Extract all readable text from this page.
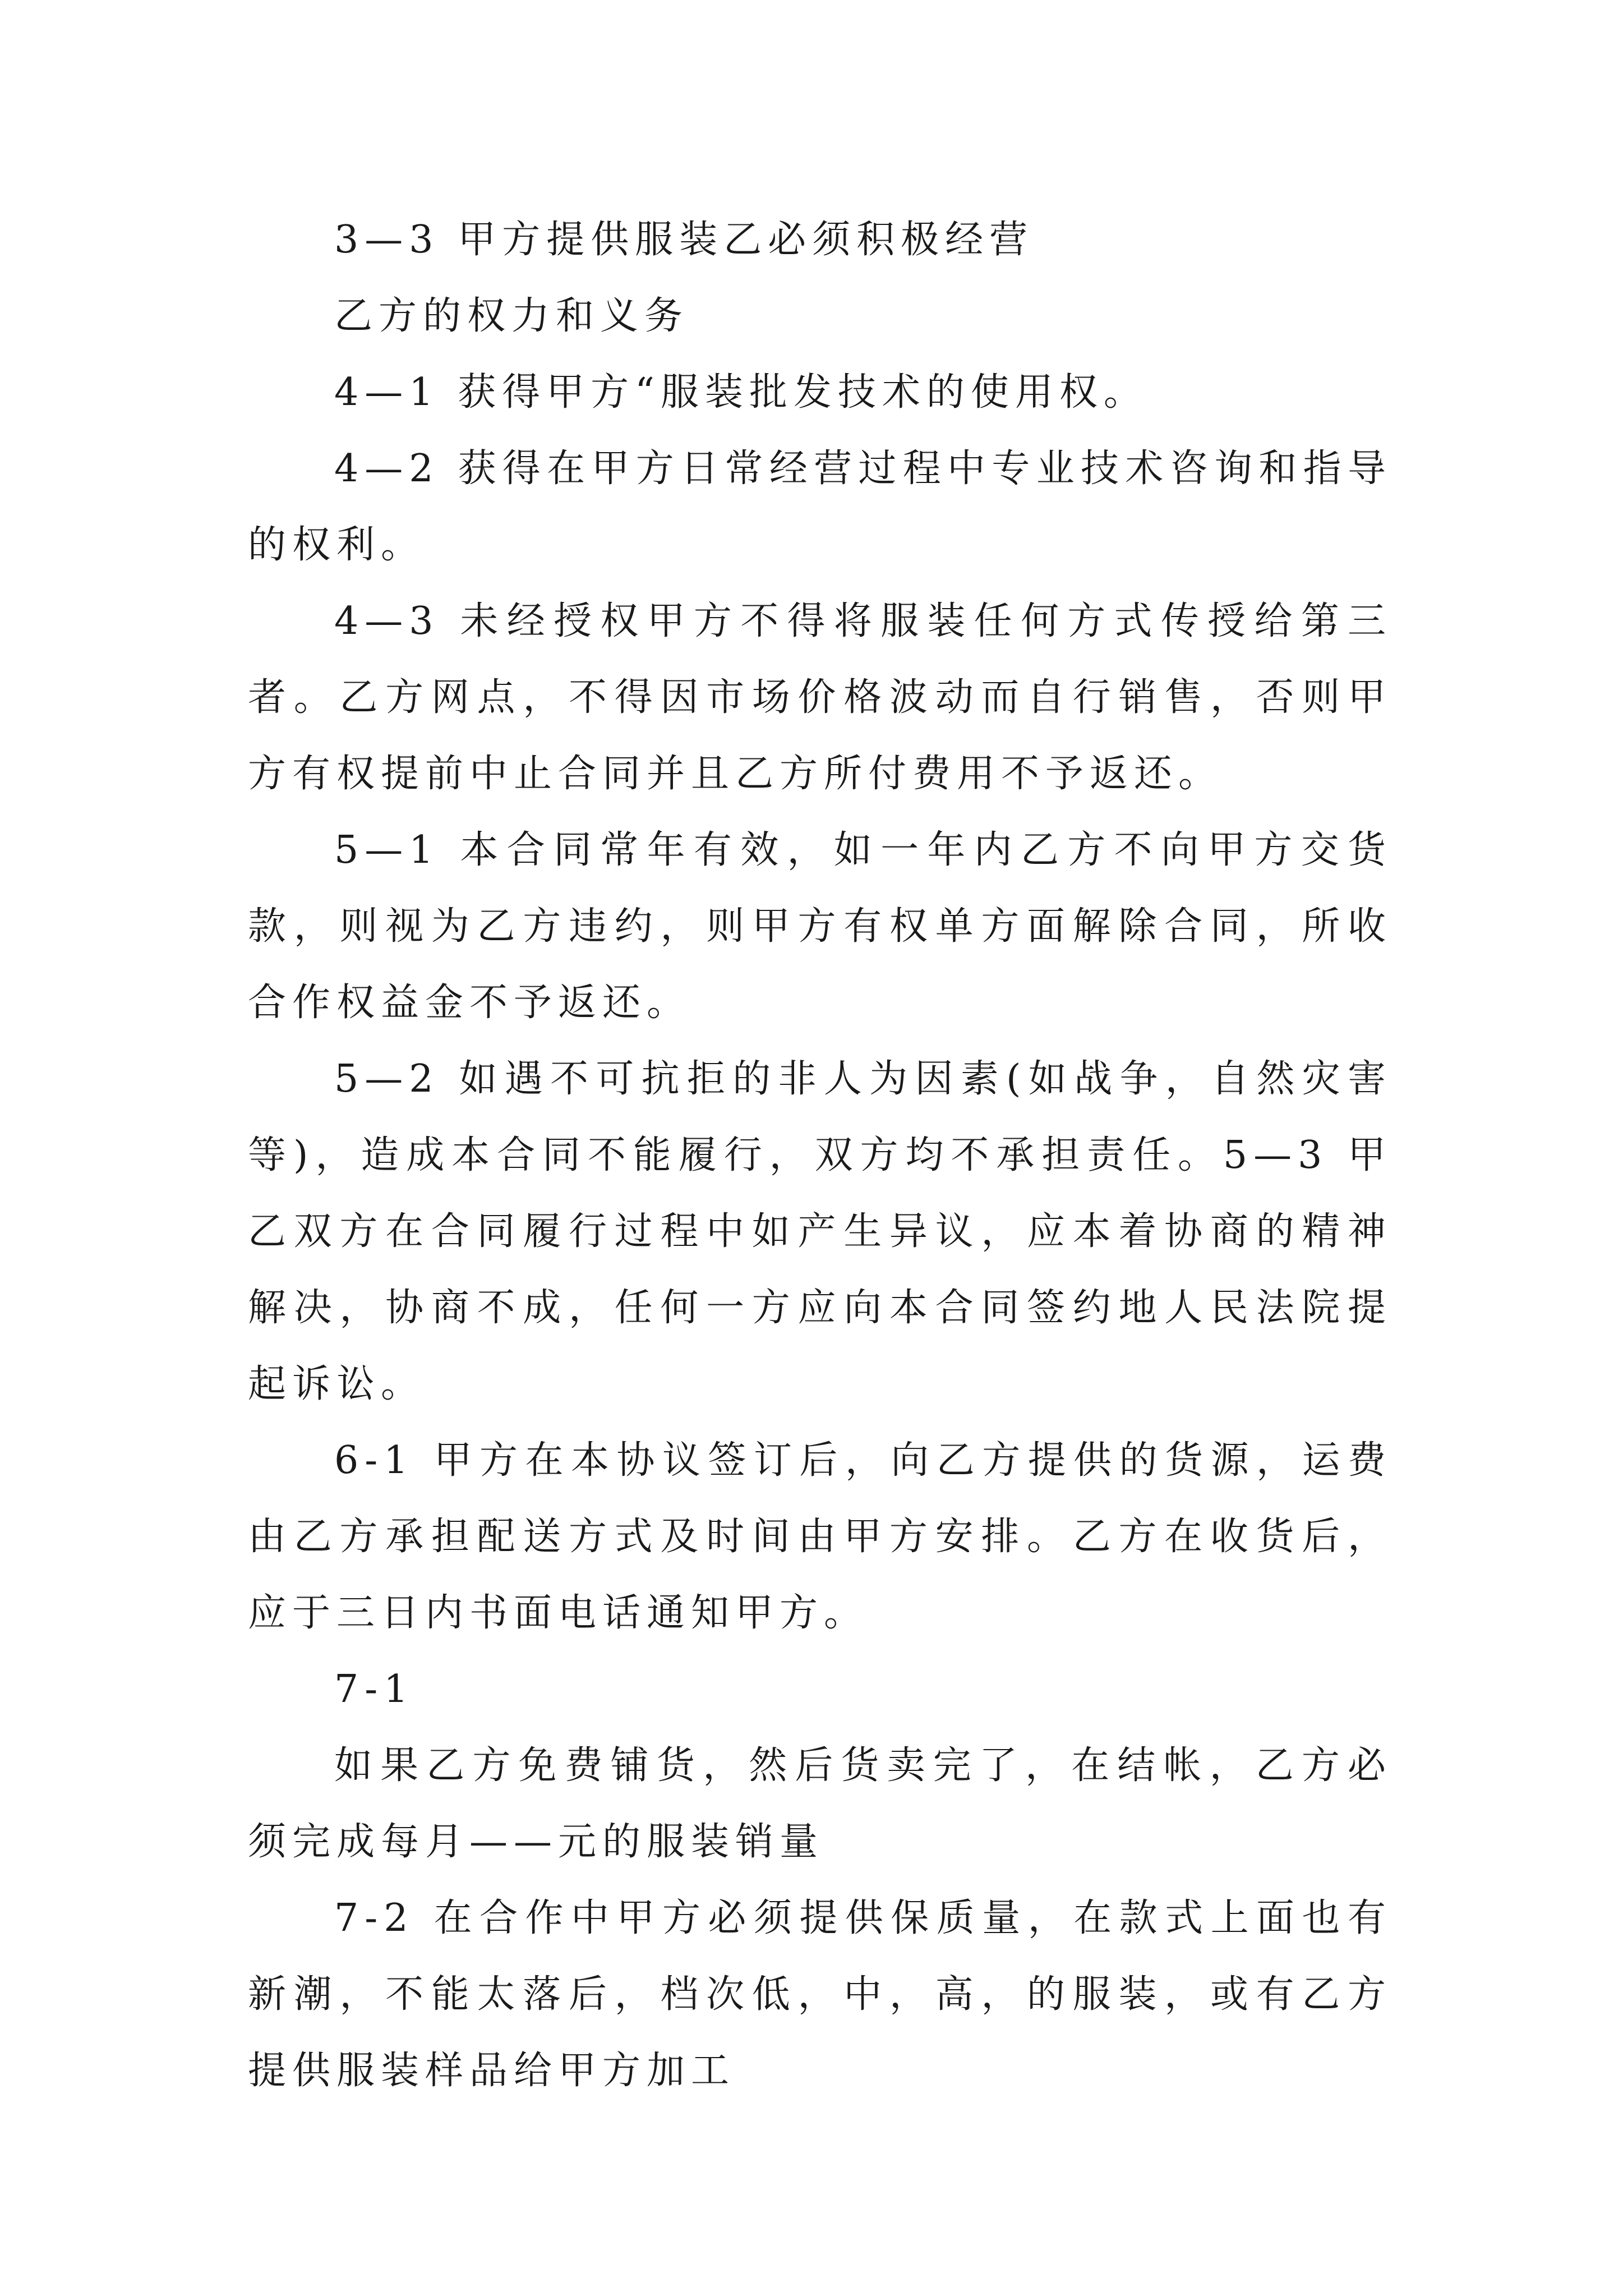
3—3 甲方提供服装乙必须积极经营

乙方的权力和义务

4—1 获得甲方“服装批发技术的使用权。

4—2 获得在甲方日常经营过程中专业技术咨询和指导的权利。

4—3 未经授权甲方不得将服装任何方式传授给第三者。乙方网点，不得因市场价格波动而自行销售，否则甲方有权提前中止合同并且乙方所付费用不予返还。

5—1 本合同常年有效，如一年内乙方不向甲方交货款，则视为乙方违约，则甲方有权单方面解除合同，所收合作权益金不予返还。

5—2 如遇不可抗拒的非人为因素(如战争，自然灾害等)，造成本合同不能履行，双方均不承担责任。5—3 甲乙双方在合同履行过程中如产生异议，应本着协商的精神解决，协商不成，任何一方应向本合同签约地人民法院提起诉讼。

6-1 甲方在本协议签订后，向乙方提供的货源，运费由乙方承担配送方式及时间由甲方安排。乙方在收货后，应于三日内书面电话通知甲方。

7-1

如果乙方免费铺货，然后货卖完了，在结帐，乙方必须完成每月——元的服装销量

7-2 在合作中甲方必须提供保质量，在款式上面也有新潮，不能太落后，档次低，中，高，的服装，或有乙方提供服装样品给甲方加工
